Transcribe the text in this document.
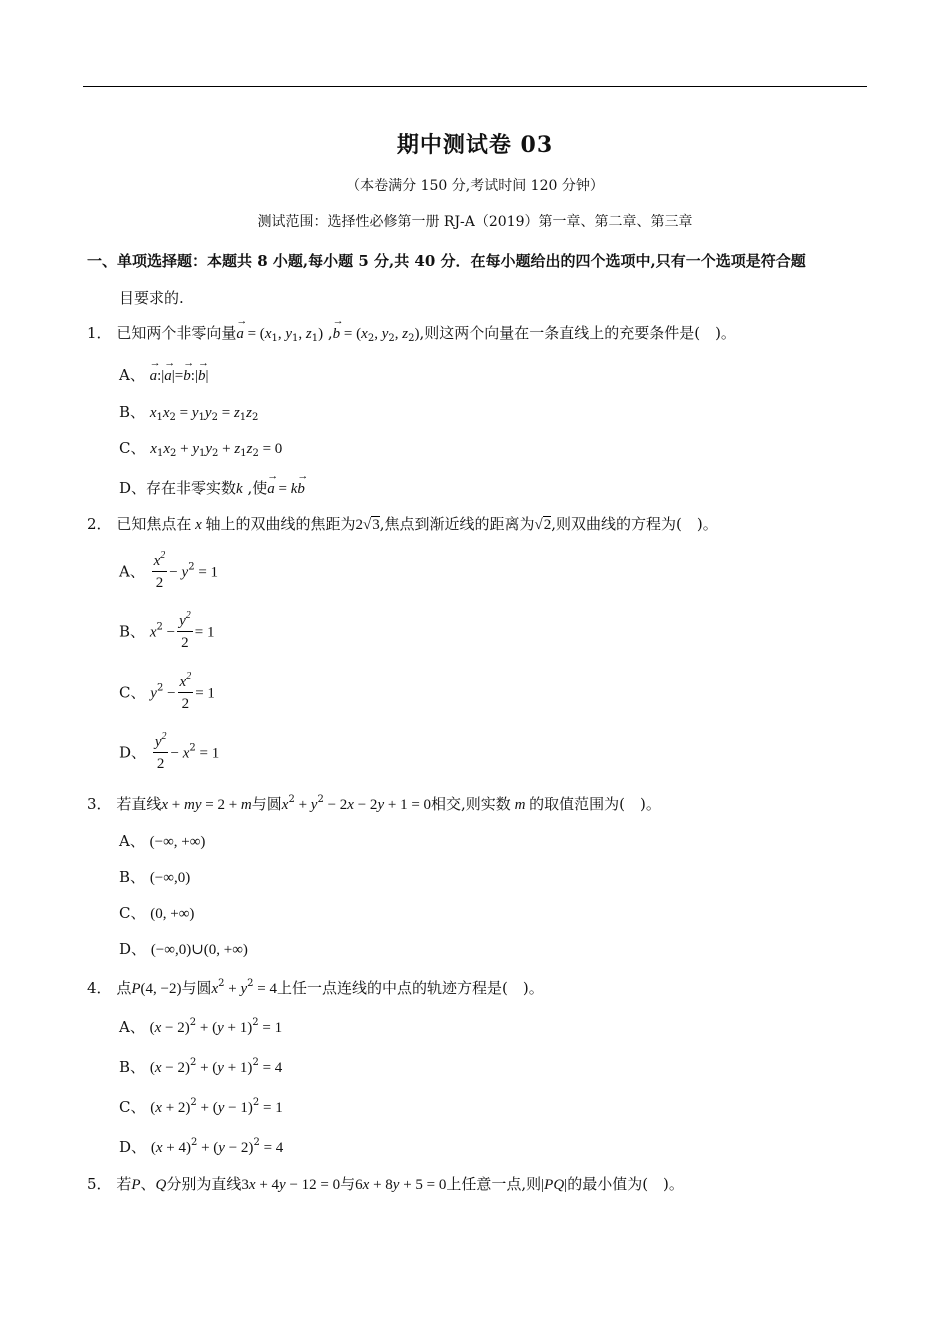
期中测试卷 03
（本卷满分 150 分,考试时间 120 分钟）
测试范围：选择性必修第一册 RJ-A（2019）第一章、第二章、第三章
一、单项选择题：本题共 8 小题,每小题 5 分,共 40 分．在每小题给出的四个选项中,只有一个选项是符合题
目要求的.
1． 已知两个非零向量→ $a = (x_1$, $y_1$, $z_1$) ,→ $b = (x_2$, $y_2$, $z_2$),则这两个向量在一条直线上的充要条件是(　)。
A、 → a:|→ a|=→ b:|→ b|
B、 $x_1x_2 = y_1y_2 = z_1z_2$
C、 $x_1x_2 + y_1y_2 + z_1z_2 = 0$
D、存在非零实数k ,使→ a = k→ b
2． 已知焦点在 x 轴上的双曲线的焦距为2√3,焦点到渐近线的距离为√2,则双曲线的方程为(　)。
A、 $\frac{x^2}{2} - y^2 = 1$
B、 $x^2 - \frac{y^2}{2} = 1$
C、 $y^2 - \frac{x^2}{2} = 1$
D、 $\frac{y^2}{2} - x^2 = 1$
3． 若直线x + my = 2 + m与圆$x^2 + y^2 - 2x - 2y + 1 = 0$相交,则实数 m 的取值范围为(　)。
A、 (−∞, +∞)
B、 (−∞,0)
C、 (0, +∞)
D、 (−∞,0)∪(0, +∞)
4． 点P(4, −2)与圆$x^2 + y^2 = 4$上任一点连线的中点的轨迹方程是(　)。
A、 $(x - 2)^2 + (y + 1)^2 = 1$
B、 $(x - 2)^2 + (y + 1)^2 = 4$
C、 $(x + 2)^2 + (y - 1)^2 = 1$
D、 $(x + 4)^2 + (y - 2)^2 = 4$
5． 若P、Q分别为直线3x + 4y − 12 = 0与6x + 8y + 5 = 0上任意一点,则|PQ|的最小值为(　)。
